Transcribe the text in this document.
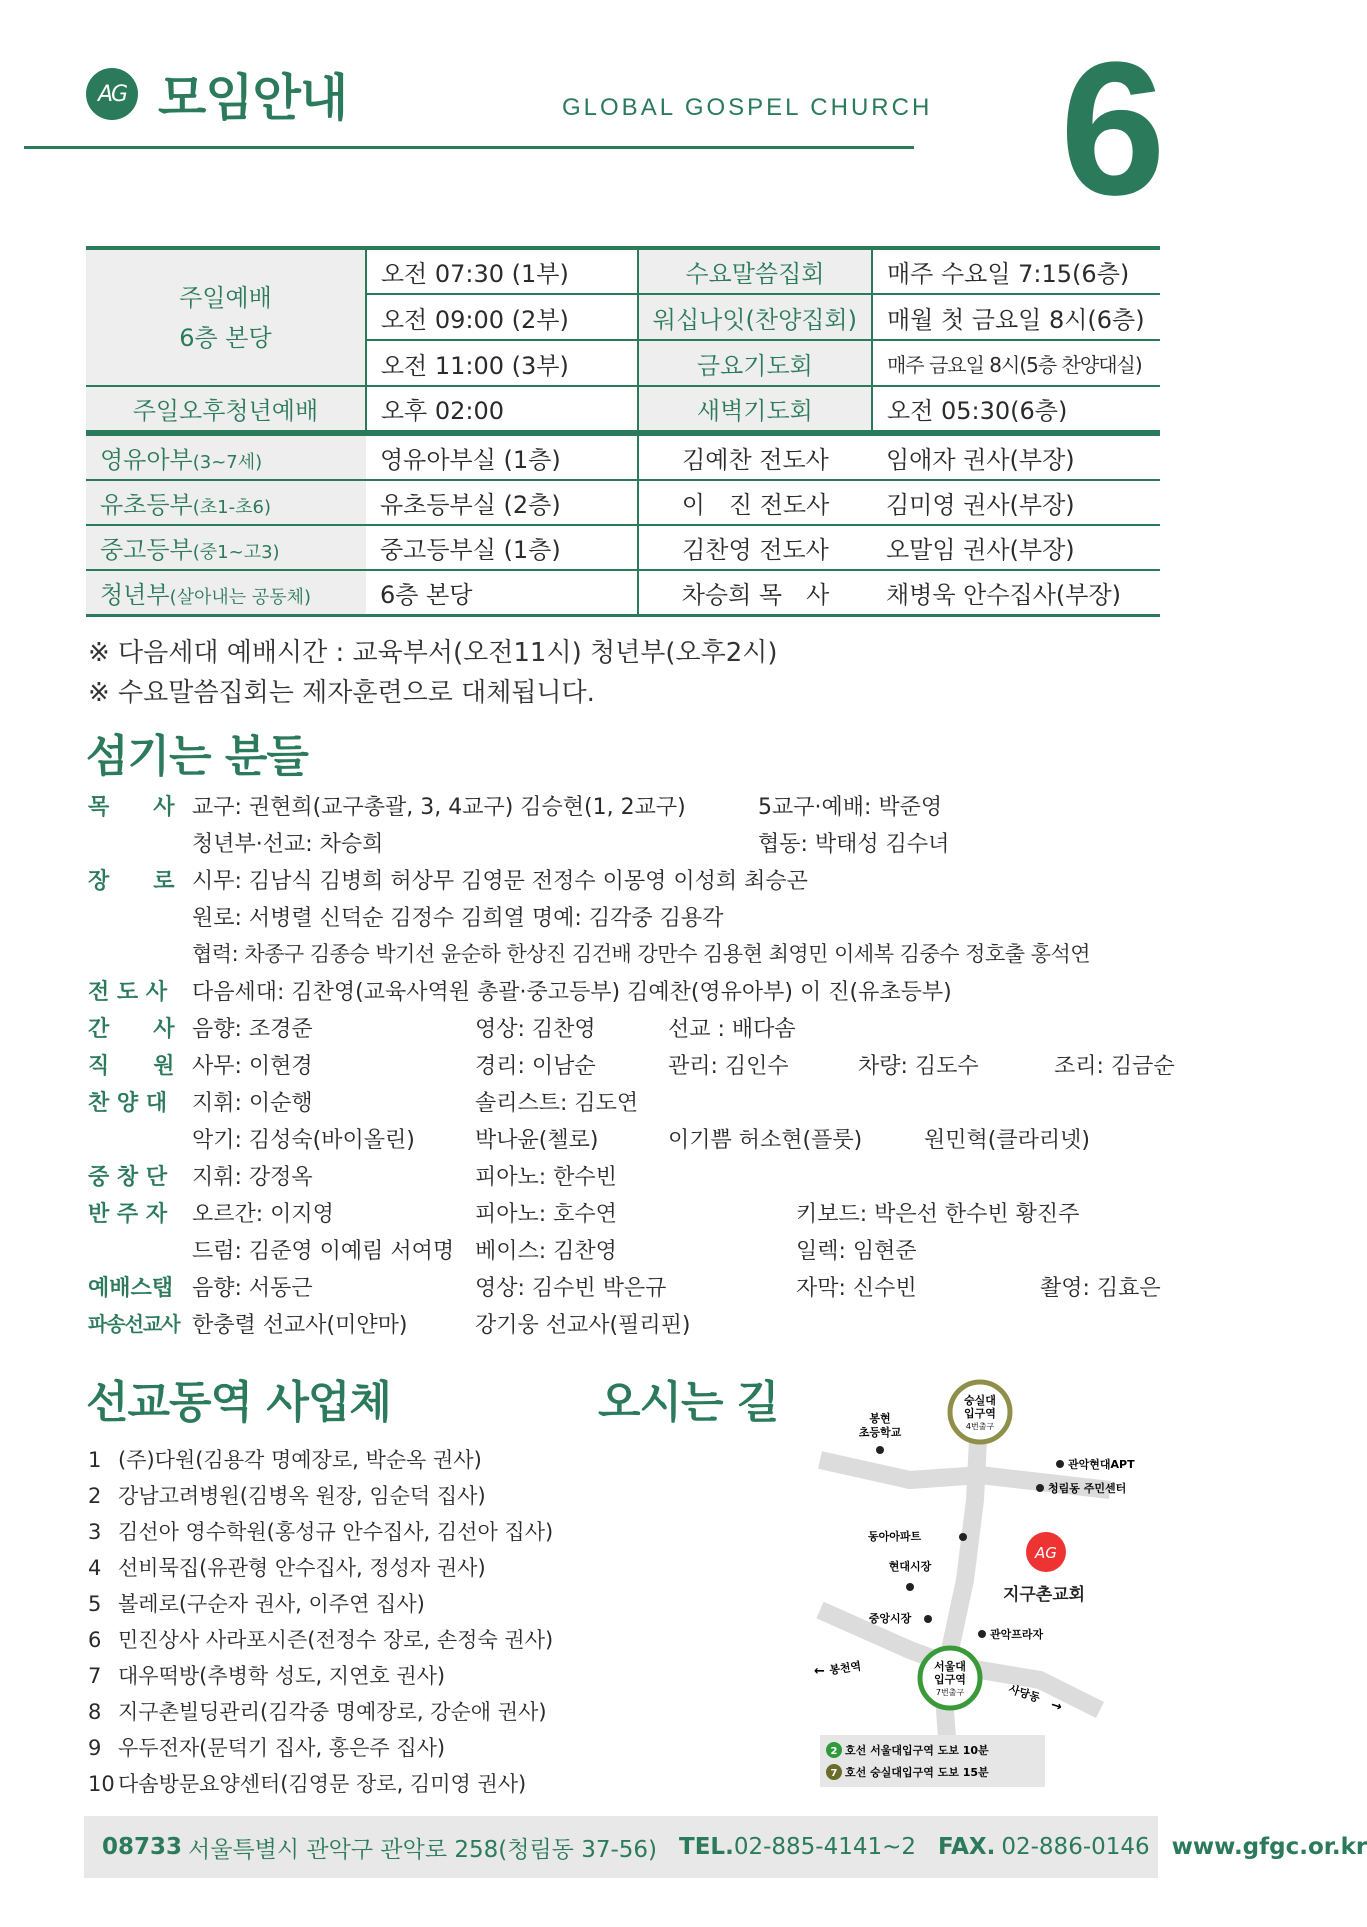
AG 모임안내	GLOBAL GOSPEL CHURCH 6
주일예배
6층 본당	오전 07:30 (1부)	수요말씀집회	매주 수요일 7:15(6층)
	오전 09:00 (2부)	워십나잇(찬양집회)	매월 첫 금요일 8시(6층)
	오전 11:00 (3부)	금요기도회	매주 금요일 8시(5층 찬양대실)
주일오후청년예배	오후 02:00	새벽기도회	오전 05:30(6층)
영유아부(3~7세)	영유아부실 (1층)	김예찬 전도사	임애자 권사(부장)
유초등부(초1-초6)	유초등부실 (2층)	이　진 전도사	김미영 권사(부장)
중고등부(중1~고3)	중고등부실 (1층)	김찬영 전도사	오말임 권사(부장)
청년부(살아내는 공동체)	6층 본당	차승희 목　사	채병욱 안수집사(부장)
※ 다음세대 예배시간 : 교육부서(오전11시) 청년부(오후2시)
※ 수요말씀집회는 제자훈련으로 대체됩니다.
섬기는 분들
목　　사 교구: 권현희(교구총괄, 3, 4교구) 김승현(1, 2교구)	5교구·예배: 박준영
청년부·선교: 차승희	협동: 박태성 김수녀
장　　로 시무: 김남식 김병희 허상무 김영문 전정수 이몽영 이성희 최승곤
원로: 서병렬 신덕순 김정수 김희열 명예: 김각중 김용각
협력: 차종구 김종승 박기선 윤순하 한상진 김건배 강만수 김용현 최영민 이세복 김중수 정호출 홍석연
전 도 사 다음세대: 김찬영(교육사역원 총괄·중고등부) 김예찬(영유아부) 이 진(유초등부)
간　　사 음향: 조경준	영상: 김찬영	선교 : 배다솜
직　　원 사무: 이현경	경리: 이남순	관리: 김인수	차량: 김도수	조리: 김금순
찬 양 대 지휘: 이순행	솔리스트: 김도연
악기: 김성숙(바이올린)	박나윤(첼로)	이기쁨 허소현(플룻)	원민혁(클라리넷)
중 창 단 지휘: 강정옥	피아노: 한수빈
반 주 자 오르간: 이지영	피아노: 호수연	키보드: 박은선 한수빈 황진주
드럼: 김준영 이예림 서여명 베이스: 김찬영	일렉: 임현준
예배스탭 음향: 서동근	영상: 김수빈 박은규	자막: 신수빈	촬영: 김효은
파송선교사 한충렬 선교사(미얀마)	강기웅 선교사(필리핀)
선교동역 사업체
1 (주)다원(김용각 명예장로, 박순옥 권사)
2 강남고려병원(김병옥 원장, 임순덕 집사)
3 김선아 영수학원(홍성규 안수집사, 김선아 집사)
4 선비묵집(유관형 안수집사, 정성자 권사)
5 볼레로(구순자 권사, 이주연 집사)
6 민진상사 사라포시즌(전정수 장로, 손정숙 권사)
7 대우떡방(추병학 성도, 지연호 권사)
8 지구촌빌딩관리(김각중 명예장로, 강순애 권사)
9 우두전자(문덕기 집사, 홍은주 집사)
10 다솜방문요양센터(김영문 장로, 김미영 권사)
오시는 길	숭실대
입구역
4번출구
서울대
입구역
7번출구
봉현
초등학교
관악현대APT
청림동 주민센터
동아아파트
현대시장
중앙시장
관악프라자
AG
지구촌교회
← 봉천역
사당동
→
2 호선 서울대입구역 도보 10분
7 호선 숭실대입구역 도보 15분
08733 서울특별시 관악구 관악로 258(청림동 37-56) TEL. 02-885-4141~2 FAX. 02-886-0146 www.gfgc.or.kr
